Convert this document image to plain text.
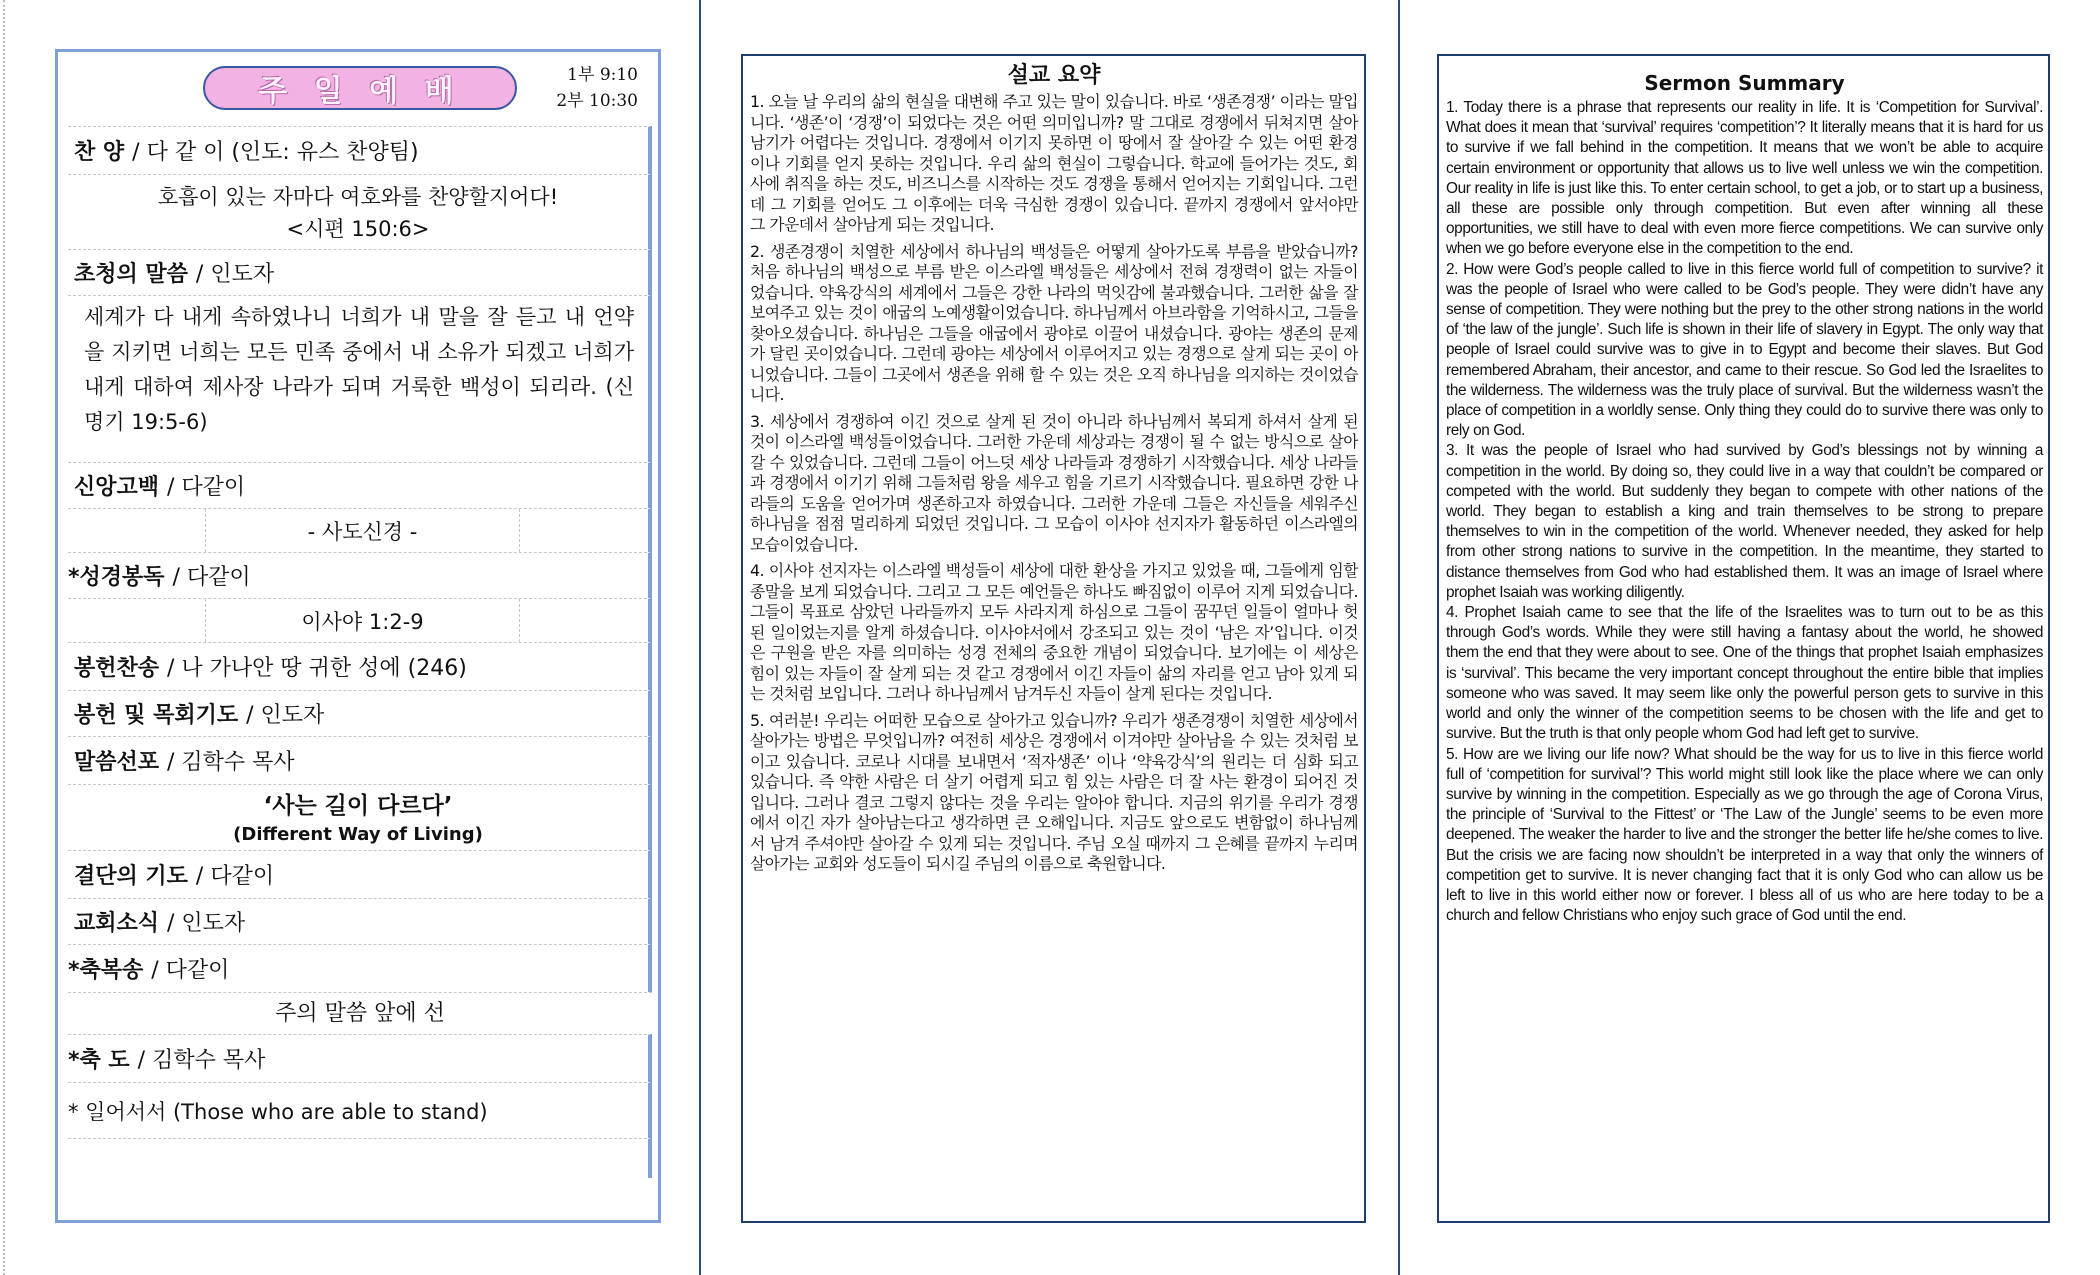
주 일 예 배	1부 9:10
2부 10:30
찬 양 / 다 같 이 (인도: 유스 찬양팀)
호흡이 있는 자마다 여호와를 찬양할지어다!
<시편 150:6>
초청의 말씀 / 인도자
세계가 다 내게 속하였나니 너희가 내 말을 잘 듣고 내 언약을 지키면 너희는 모든 민족 중에서 내 소유가 되겠고 너희가 내게 대하여 제사장 나라가 되며 거룩한 백성이 되리라. (신명기 19:5-6)
신앙고백 / 다같이
- 사도신경 -
*성경봉독 / 다같이
이사야 1:2-9
봉헌찬송 / 나 가나안 땅 귀한 성에 (246)
봉헌 및 목회기도 / 인도자
말씀선포 / 김학수 목사
‘사는 길이 다르다’
(Different Way of Living)
결단의 기도 / 다같이
교회소식 / 인도자
*축복송 / 다같이
주의 말씀 앞에 선
*축 도 / 김학수 목사
* 일어서서 (Those who are able to stand)
설교 요약

1. 오늘 날 우리의 삶의 현실을 대변해 주고 있는 말이 있습니다. 바로 ‘생존경쟁’ 이라는 말입니다. ‘생존’이 ‘경쟁’이 되었다는 것은 어떤 의미입니까? 말 그대로 경쟁에서 뒤쳐지면 살아남기가 어렵다는 것입니다. 경쟁에서 이기지 못하면 이 땅에서 잘 살아갈 수 있는 어떤 환경이나 기회를 얻지 못하는 것입니다. 우리 삶의 현실이 그렇습니다. 학교에 들어가는 것도, 회사에 취직을 하는 것도, 비즈니스를 시작하는 것도 경쟁을 통해서 얻어지는 기회입니다. 그런데 그 기회를 얻어도 그 이후에는 더욱 극심한 경쟁이 있습니다. 끝까지 경쟁에서 앞서야만 그 가운데서 살아남게 되는 것입니다.

2. 생존경쟁이 치열한 세상에서 하나님의 백성들은 어떻게 살아가도록 부름을 받았습니까? 처음 하나님의 백성으로 부름 받은 이스라엘 백성들은 세상에서 전혀 경쟁력이 없는 자들이었습니다. 약육강식의 세계에서 그들은 강한 나라의 먹잇감에 불과했습니다. 그러한 삶을 잘 보여주고 있는 것이 애굽의 노예생활이었습니다. 하나님께서 아브라함을 기억하시고, 그들을 찾아오셨습니다. 하나님은 그들을 애굽에서 광야로 이끌어 내셨습니다. 광야는 생존의 문제가 달린 곳이었습니다. 그런데 광야는 세상에서 이루어지고 있는 경쟁으로 살게 되는 곳이 아니었습니다. 그들이 그곳에서 생존을 위해 할 수 있는 것은 오직 하나님을 의지하는 것이었습니다.

3. 세상에서 경쟁하여 이긴 것으로 살게 된 것이 아니라 하나님께서 복되게 하셔서 살게 된 것이 이스라엘 백성들이었습니다. 그러한 가운데 세상과는 경쟁이 될 수 없는 방식으로 살아갈 수 있었습니다. 그런데 그들이 어느덧 세상 나라들과 경쟁하기 시작했습니다. 세상 나라들과 경쟁에서 이기기 위해 그들처럼 왕을 세우고 힘을 기르기 시작했습니다. 필요하면 강한 나라들의 도움을 얻어가며 생존하고자 하였습니다. 그러한 가운데 그들은 자신들을 세워주신 하나님을 점점 멀리하게 되었던 것입니다. 그 모습이 이사야 선지자가 활동하던 이스라엘의 모습이었습니다.

4. 이사야 선지자는 이스라엘 백성들이 세상에 대한 환상을 가지고 있었을 때, 그들에게 임할 종말을 보게 되었습니다. 그리고 그 모든 예언들은 하나도 빠짐없이 이루어 지게 되었습니다. 그들이 목표로 삼았던 나라들까지 모두 사라지게 하심으로 그들이 꿈꾸던 일들이 얼마나 헛된 일이었는지를 알게 하셨습니다. 이사야서에서 강조되고 있는 것이 ‘남은 자’입니다. 이것은 구원을 받은 자를 의미하는 성경 전체의 중요한 개념이 되었습니다. 보기에는 이 세상은 힘이 있는 자들이 잘 살게 되는 것 같고 경쟁에서 이긴 자들이 삶의 자리를 얻고 남아 있게 되는 것처럼 보입니다. 그러나 하나님께서 남겨두신 자들이 살게 된다는 것입니다.

5. 여러분! 우리는 어떠한 모습으로 살아가고 있습니까? 우리가 생존경쟁이 치열한 세상에서 살아가는 방법은 무엇입니까? 여전히 세상은 경쟁에서 이겨야만 살아남을 수 있는 것처럼 보이고 있습니다. 코로나 시대를 보내면서 ‘적자생존’ 이나 ‘약육강식’의 원리는 더 심화 되고 있습니다. 즉 약한 사람은 더 살기 어렵게 되고 힘 있는 사람은 더 잘 사는 환경이 되어진 것입니다. 그러나 결코 그렇지 않다는 것을 우리는 알아야 합니다. 지금의 위기를 우리가 경쟁에서 이긴 자가 살아남는다고 생각하면 큰 오해입니다. 지금도 앞으로도 변함없이 하나님께서 남겨 주셔야만 살아갈 수 있게 되는 것입니다. 주님 오실 때까지 그 은혜를 끝까지 누리며 살아가는 교회와 성도들이 되시길 주님의 이름으로 축원합니다.

Sermon Summary

1. Today there is a phrase that represents our reality in life. It is ‘Competition for Survival’. What does it mean that ‘survival’ requires ‘competition’? It literally means that it is hard for us to survive if we fall behind in the competition. It means that we won’t be able to acquire certain environment or opportunity that allows us to live well unless we win the competition. Our reality in life is just like this. To enter certain school, to get a job, or to start up a business, all these are possible only through competition. But even after winning all these opportunities, we still have to deal with even more fierce competitions. We can survive only when we go before everyone else in the competition to the end.

2. How were God’s people called to live in this fierce world full of competition to survive? it was the people of Israel who were called to be God’s people. They were didn’t have any sense of competition. They were nothing but the prey to the other strong nations in the world of ‘the law of the jungle’. Such life is shown in their life of slavery in Egypt. The only way that people of Israel could survive was to give in to Egypt and become their slaves. But God remembered Abraham, their ancestor, and came to their rescue. So God led the Israelites to the wilderness. The wilderness was the truly place of survival. But the wilderness wasn’t the place of competition in a worldly sense. Only thing they could do to survive there was only to rely on God.

3. It was the people of Israel who had survived by God’s blessings not by winning a competition in the world. By doing so, they could live in a way that couldn’t be compared or competed with the world. But suddenly they began to compete with other nations of the world. They began to establish a king and train themselves to be strong to prepare themselves to win in the competition of the world. Whenever needed, they asked for help from other strong nations to survive in the competition. In the meantime, they started to distance themselves from God who had established them. It was an image of Israel where prophet Isaiah was working diligently.

4. Prophet Isaiah came to see that the life of the Israelites was to turn out to be as this through God’s words. While they were still having a fantasy about the world, he showed them the end that they were about to see. One of the things that prophet Isaiah emphasizes is ‘survival’. This became the very important concept throughout the entire bible that implies someone who was saved. It may seem like only the powerful person gets to survive in this world and only the winner of the competition seems to be chosen with the life and get to survive. But the truth is that only people whom God had left get to survive.

5. How are we living our life now? What should be the way for us to live in this fierce world full of ‘competition for survival’? This world might still look like the place where we can only survive by winning in the competition. Especially as we go through the age of Corona Virus, the principle of ‘Survival to the Fittest’ or ‘The Law of the Jungle’ seems to be even more deepened. The weaker the harder to live and the stronger the better life he/she comes to live. But the crisis we are facing now shouldn’t be interpreted in a way that only the winners of competition get to survive. It is never changing fact that it is only God who can allow us be left to live in this world either now or forever. I bless all of us who are here today to be a church and fellow Christians who enjoy such grace of God until the end.
